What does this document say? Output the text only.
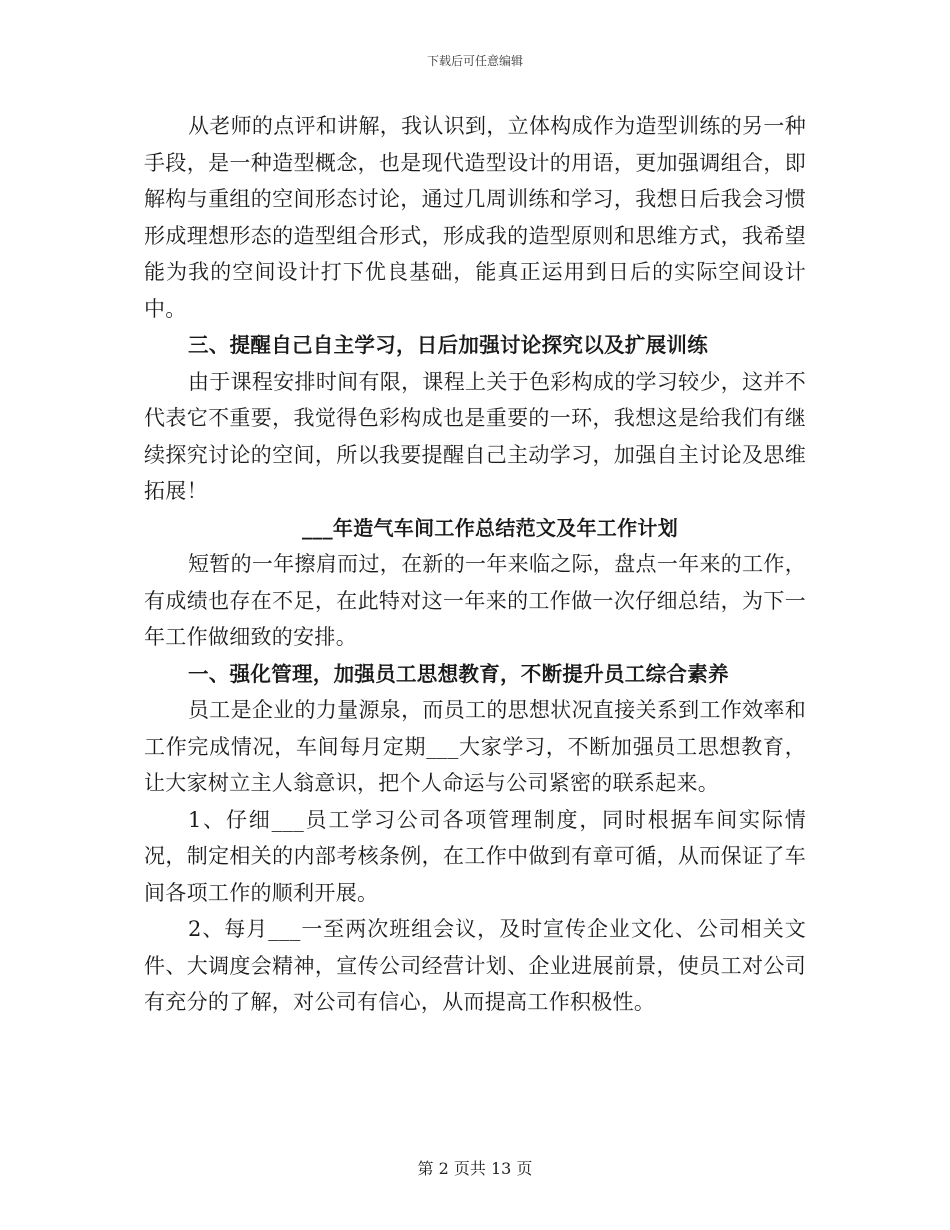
下载后可任意编辑

从老师的点评和讲解，我认识到，立体构成作为造型训练的另一种手段，是一种造型概念，也是现代造型设计的用语，更加强调组合，即解构与重组的空间形态讨论，通过几周训练和学习，我想日后我会习惯形成理想形态的造型组合形式，形成我的造型原则和思维方式，我希望能为我的空间设计打下优良基础，能真正运用到日后的实际空间设计中。

三、提醒自己自主学习，日后加强讨论探究以及扩展训练

由于课程安排时间有限，课程上关于色彩构成的学习较少，这并不代表它不重要，我觉得色彩构成也是重要的一环，我想这是给我们有继续探究讨论的空间，所以我要提醒自己主动学习，加强自主讨论及思维拓展！

___年造气车间工作总结范文及年工作计划

短暂的一年擦肩而过，在新的一年来临之际，盘点一年来的工作，有成绩也存在不足，在此特对这一年来的工作做一次仔细总结，为下一年工作做细致的安排。

一、强化管理，加强员工思想教育，不断提升员工综合素养

员工是企业的力量源泉，而员工的思想状况直接关系到工作效率和工作完成情况，车间每月定期___大家学习，不断加强员工思想教育，让大家树立主人翁意识，把个人命运与公司紧密的联系起来。

1、仔细___员工学习公司各项管理制度，同时根据车间实际情况，制定相关的内部考核条例，在工作中做到有章可循，从而保证了车间各项工作的顺利开展。

2、每月___一至两次班组会议，及时宣传企业文化、公司相关文件、大调度会精神，宣传公司经营计划、企业进展前景，使员工对公司有充分的了解，对公司有信心，从而提高工作积极性。

第 2 页共 13 页
